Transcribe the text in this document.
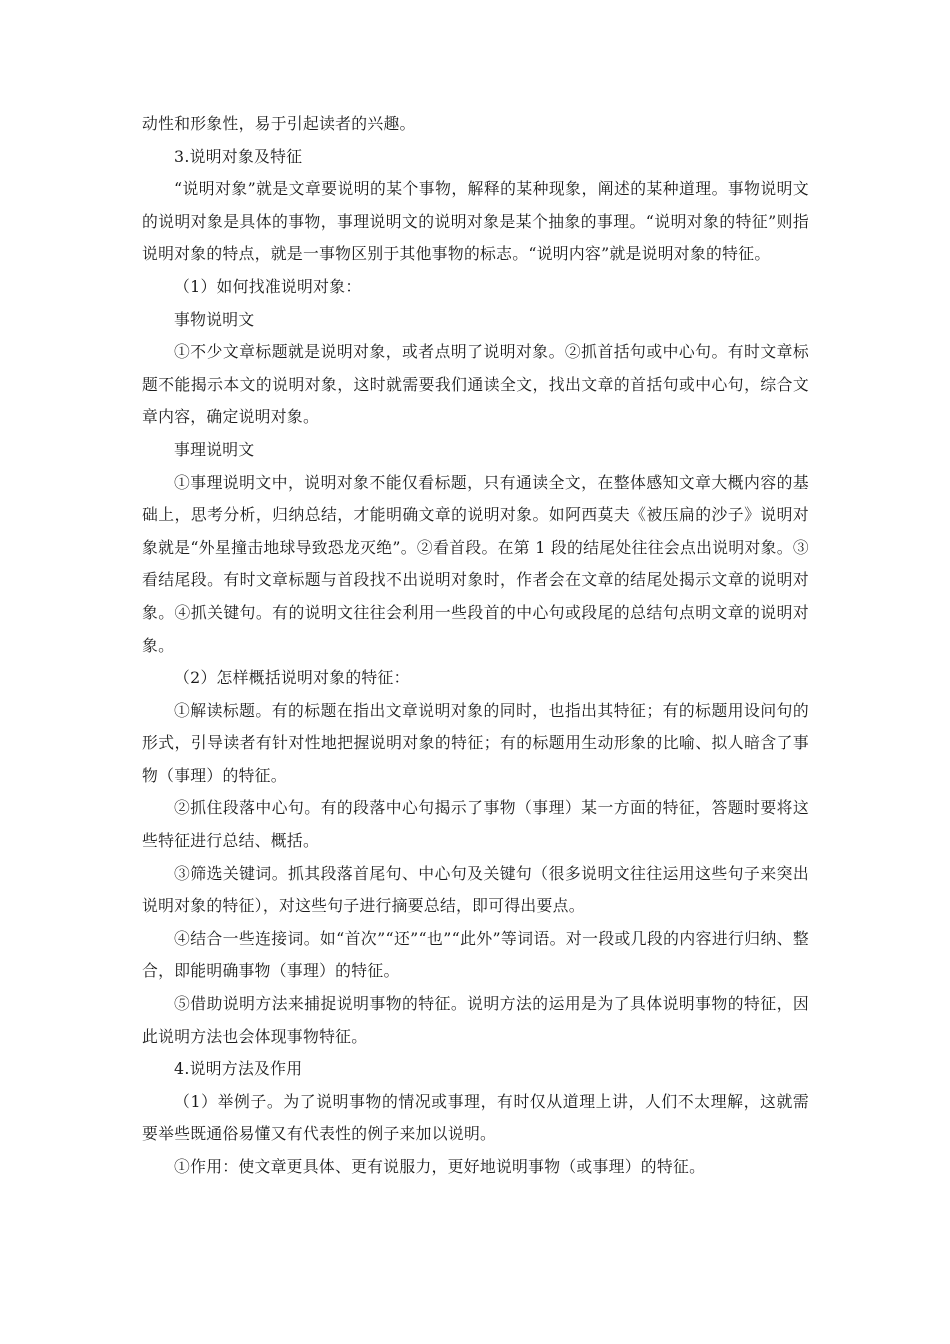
动性和形象性，易于引起读者的兴趣。

3.说明对象及特征

“说明对象”就是文章要说明的某个事物，解释的某种现象，阐述的某种道理。事物说明文的说明对象是具体的事物，事理说明文的说明对象是某个抽象的事理。“说明对象的特征”则指说明对象的特点，就是一事物区别于其他事物的标志。“说明内容”就是说明对象的特征。

（1）如何找准说明对象：

事物说明文

①不少文章标题就是说明对象，或者点明了说明对象。②抓首括句或中心句。有时文章标题不能揭示本文的说明对象，这时就需要我们通读全文，找出文章的首括句或中心句，综合文章内容，确定说明对象。

事理说明文

①事理说明文中，说明对象不能仅看标题，只有通读全文，在整体感知文章大概内容的基础上，思考分析，归纳总结，才能明确文章的说明对象。如阿西莫夫《被压扁的沙子》说明对象就是“外星撞击地球导致恐龙灭绝”。②看首段。在第 1 段的结尾处往往会点出说明对象。③看结尾段。有时文章标题与首段找不出说明对象时，作者会在文章的结尾处揭示文章的说明对象。④抓关键句。有的说明文往往会利用一些段首的中心句或段尾的总结句点明文章的说明对象。

（2）怎样概括说明对象的特征：

①解读标题。有的标题在指出文章说明对象的同时，也指出其特征；有的标题用设问句的形式，引导读者有针对性地把握说明对象的特征；有的标题用生动形象的比喻、拟人暗含了事物（事理）的特征。

②抓住段落中心句。有的段落中心句揭示了事物（事理）某一方面的特征，答题时要将这些特征进行总结、概括。

③筛选关键词。抓其段落首尾句、中心句及关键句（很多说明文往往运用这些句子来突出说明对象的特征），对这些句子进行摘要总结，即可得出要点。

④结合一些连接词。如“首次”“还”“也”“此外”等词语。对一段或几段的内容进行归纳、整合，即能明确事物（事理）的特征。

⑤借助说明方法来捕捉说明事物的特征。说明方法的运用是为了具体说明事物的特征，因此说明方法也会体现事物特征。

4.说明方法及作用

（1）举例子。为了说明事物的情况或事理，有时仅从道理上讲，人们不太理解，这就需要举些既通俗易懂又有代表性的例子来加以说明。

①作用：使文章更具体、更有说服力，更好地说明事物（或事理）的特征。
